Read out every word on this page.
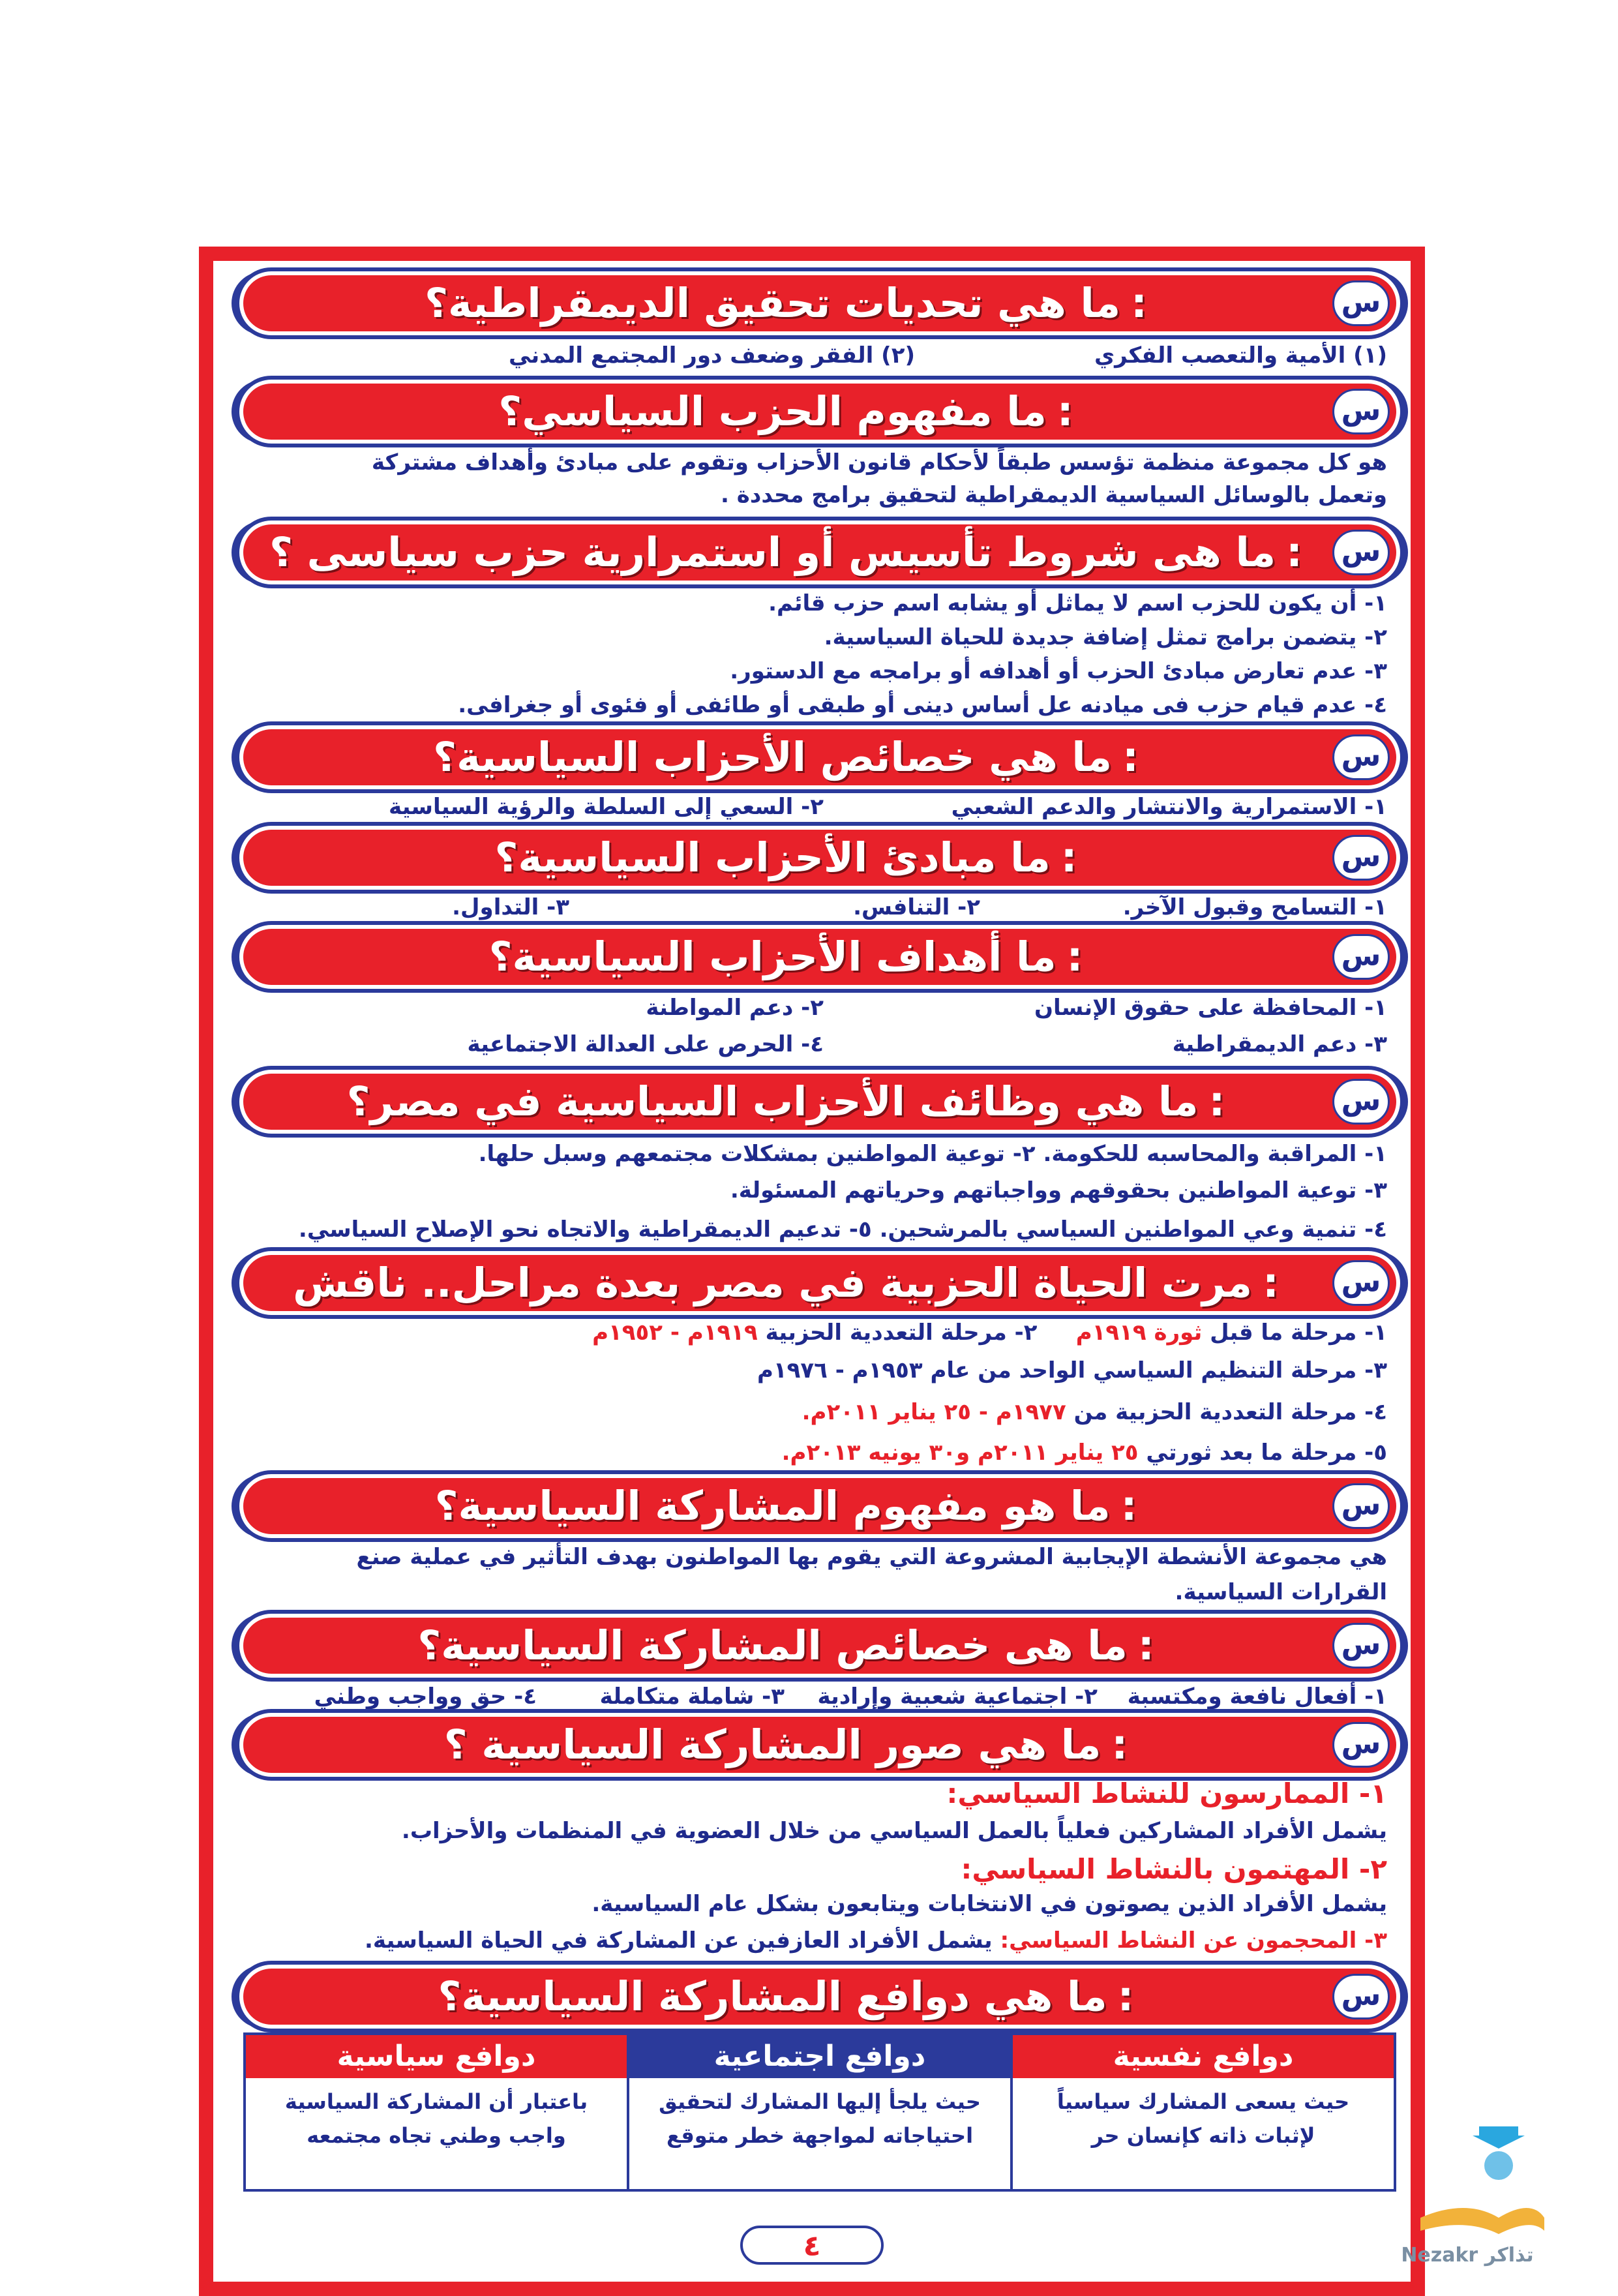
س
:ما هي تحديات تحقيق الديمقراطية؟
(١) الأمية والتعصب الفكري
(٢) الفقر وضعف دور المجتمع المدني
س
:ما مفهوم الحزب السياسي؟
هو كل مجموعة منظمة تؤسس طبقاً لأحكام قانون الأحزاب وتقوم على مبادئ وأهداف مشتركة
وتعمل بالوسائل السياسية الديمقراطية لتحقيق برامج محددة .
س
:ما هى شروط تأسيس أو استمرارية حزب سياسى ؟
١- أن يكون للحزب اسم لا يماثل أو يشابه اسم حزب قائم.
٢- يتضمن برامج تمثل إضافة جديدة للحياة السياسية.
٣- عدم تعارض مبادئ الحزب أو أهدافه أو برامجه مع الدستور.
٤- عدم قيام حزب فى ميادنه عل أساس دينى أو طبقى أو طائفى أو فئوى أو جغرافى.
س
:ما هي خصائص الأحزاب السياسية؟
١- الاستمرارية والانتشار والدعم الشعبي
٢- السعي إلى السلطة والرؤية السياسية
س
:ما مبادئ الأحزاب السياسية؟
١- التسامح وقبول الآخر.
٢- التنافس.
٣- التداول.
س
:ما أهداف الأحزاب السياسية؟
١- المحافظة على حقوق الإنسان
٢- دعم المواطنة
٣- دعم الديمقراطية
٤- الحرص على العدالة الاجتماعية
س
:ما هي وظائف الأحزاب السياسية في مصر؟
١- المراقبة والمحاسبه للحكومة. ٢- توعية المواطنين بمشكلات مجتمعهم وسبل حلها.
٣- توعية المواطنين بحقوقهم وواجباتهم وحرياتهم المسئولة.
٤- تنمية وعي المواطنين السياسي بالمرشحين. ٥- تدعيم الديمقراطية والاتجاه نحو الإصلاح السياسي.
س
:مرت الحياة الحزبية في مصر بعدة مراحل.. ناقش
١- مرحلة ما قبل ثورة ١٩١٩م     ٢- مرحلة التعددية الحزبية ١٩١٩م - ١٩٥٢م
٣- مرحلة التنظيم السياسي الواحد من عام ١٩٥٣م - ١٩٧٦م
٤- مرحلة التعددية الحزبية من ١٩٧٧م - ٢٥ يناير ٢٠١١م.
٥- مرحلة ما بعد ثورتي ٢٥ يناير ٢٠١١م و٣٠ يونيه ٢٠١٣م.
س
:ما هو مفهوم المشاركة السياسية؟
هي مجموعة الأنشطة الإيجابية المشروعة التي يقوم بها المواطنون بهدف التأثير في عملية صنع
القرارات السياسية.
س
:ما هى خصائص المشاركة السياسية؟
١- أفعال نافعة ومكتسبة
٢- اجتماعية شعبية وإرادية
٣- شاملة متكاملة
٤- حق وواجب وطني
س
:ما هي صور المشاركة السياسية ؟
١- الممارسون للنشاط السياسي:
يشمل الأفراد المشاركين فعلياً بالعمل السياسي من خلال العضوية في المنظمات والأحزاب.
دوافع نفسية
حيث يسعى المشارك سياسياً لإثبات ذاته كإنسان حر
دوافع اجتماعية
حيث يلجأ إليها المشارك لتحقيق احتياجاته لمواجهة خطر متوقع
دوافع سياسية
باعتبار أن المشاركة السياسية واجب وطني تجاه مجتمعه
٤
٢- المهتمون بالنشاط السياسي:
يشمل الأفراد الذين يصوتون في الانتخابات ويتابعون بشكل عام السياسية.
٣- المحجمون عن النشاط السياسي: يشمل الأفراد العازفين عن المشاركة في الحياة السياسية.
س
:ما هي دوافع المشاركة السياسية؟
Nezakr تذاكر
